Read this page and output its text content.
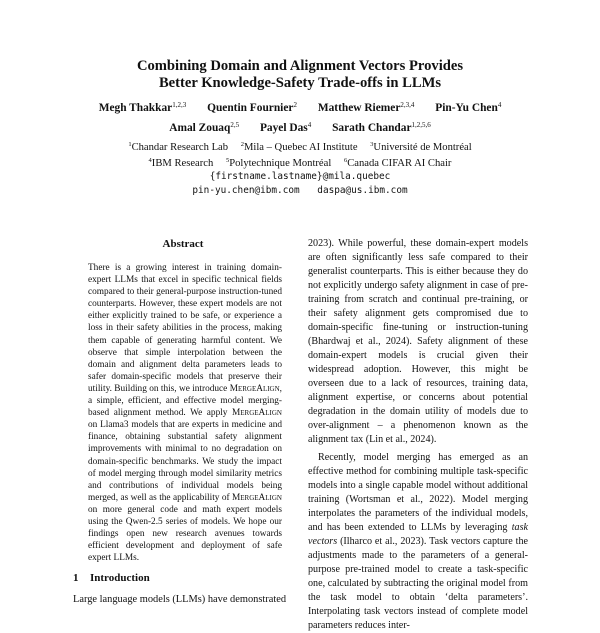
Combining Domain and Alignment Vectors Provides
Better Knowledge-Safety Trade-offs in LLMs
Megh Thakkar$^{1,2,3}$ Quentin Fournier$^2$ Matthew Riemer$^{2,3,4}$ Pin-Yu Chen$^4$
Amal Zouaq$^{2,5}$ Payel Das$^4$ Sarath Chandar$^{1,2,5,6}$
$^1$Chandar Research Lab $^2$Mila – Quebec AI Institute $^3$Université de Montréal
$^4$IBM Research $^5$Polytechnique Montréal $^6$Canada CIFAR AI Chair
{firstname.lastname}@mila.quebec
pin-yu.chen@ibm.com daspa@us.ibm.com
Abstract
There is a growing interest in training domain-expert LLMs that excel in specific technical fields compared to their general-purpose instruction-tuned counterparts. However, these expert models are not either explicitly trained to be safe, or experience a loss in their safety abilities in the process, making them capable of generating harmful content. We observe that simple interpolation between the domain and alignment delta parameters leads to safer domain-specific models that preserve their utility. Building on this, we introduce MergeAlign, a simple, efficient, and effective model merging-based alignment method. We apply MergeAlign on Llama3 models that are experts in medicine and finance, obtaining substantial safety alignment improvements with minimal to no degradation on domain-specific benchmarks. We study the impact of model merging through model similarity metrics and contributions of individual models being merged, as well as the applicability of MergeAlign on more general code and math expert models using the Qwen-2.5 series of models. We hope our findings open new research avenues towards efficient development and deployment of safe expert LLMs.
1 Introduction
Large language models (LLMs) have demonstrated

2023). While powerful, these domain-expert models are often significantly less safe compared to their generalist counterparts. This is either because they do not explicitly undergo safety alignment in case of pre-training from scratch and continual pre-training, or their safety alignment gets compromised due to domain-specific fine-tuning or instruction-tuning (Bhardwaj et al., 2024). Safety alignment of these domain-expert models is crucial given their widespread adoption. However, this might be overseen due to a lack of resources, training data, alignment expertise, or concerns about potential degradation in the domain utility of models due to over-alignment – a phenomenon known as the alignment tax (Lin et al., 2024).

Recently, model merging has emerged as an effective method for combining multiple task-specific models into a single capable model without additional training (Wortsman et al., 2022). Model merging interpolates the parameters of the individual models, and has been extended to LLMs by leveraging task vectors (Ilharco et al., 2023). Task vectors capture the adjustments made to the parameters of a general-purpose pre-trained model to create a task-specific one, calculated by subtracting the original model from the task model to obtain ‘delta parameters’. Interpolating task vectors instead of complete model parameters reduces inter-
